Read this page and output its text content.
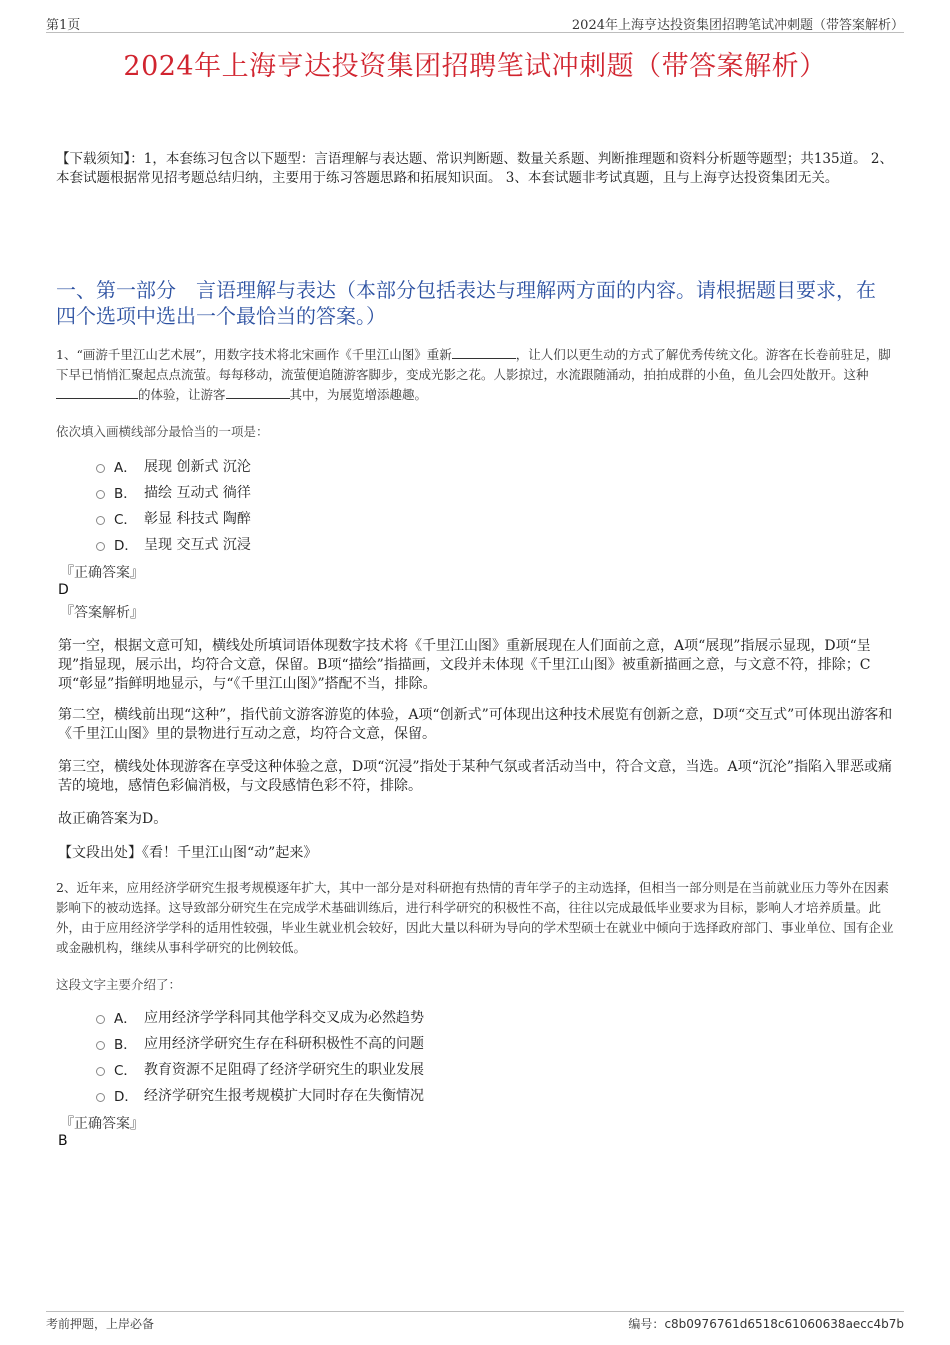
第1页	2024年上海亨达投资集团招聘笔试冲刺题（带答案解析）
2024年上海亨达投资集团招聘笔试冲刺题（带答案解析）
【下载须知】：1，本套练习包含以下题型：言语理解与表达题、常识判断题、数量关系题、判断推理题和资料分析题等题型；共135道。 2、本套试题根据常见招考题总结归纳，主要用于练习答题思路和拓展知识面。 3、本套试题非考试真题，且与上海亨达投资集团无关。
一、第一部分　言语理解与表达（本部分包括表达与理解两方面的内容。请根据题目要求，在四个选项中选出一个最恰当的答案。）
1、“画游千里江山艺术展”，用数字技术将北宋画作《千里江山图》重新	，让人们以更生动的方式了解优秀传统文化。游客在长卷前驻足，脚下早已悄悄汇聚起点点流萤。每每移动，流萤便追随游客脚步，变成光影之花。人影掠过，水流跟随涌动，拍拍成群的小鱼，鱼儿会四处散开。这种的体验，让游客	其中，为展览增添趣趣。
依次填入画横线部分最恰当的一项是：
A． 展现 创新式 沉沦
B． 描绘 互动式 徜徉
C． 彰显 科技式 陶醉
D． 呈现 交互式 沉浸
『正确答案』
D
『答案解析』
第一空，根据文意可知，横线处所填词语体现数字技术将《千里江山图》重新展现在人们面前之意，A项“展现”指展示显现，D项“呈现”指显现，展示出，均符合文意，保留。B项“描绘”指描画，文段并未体现《千里江山图》被重新描画之意，与文意不符，排除；C项“彰显”指鲜明地显示，与“《千里江山图》”搭配不当，排除。
第二空，横线前出现“这种”，指代前文游客游览的体验，A项“创新式”可体现出这种技术展览有创新之意，D项“交互式”可体现出游客和《千里江山图》里的景物进行互动之意，均符合文意，保留。
第三空，横线处体现游客在享受这种体验之意，D项“沉浸”指处于某种气氛或者活动当中，符合文意，当选。A项“沉沦”指陷入罪恶或痛苦的境地，感情色彩偏消极，与文段感情色彩不符，排除。
故正确答案为D。
【文段出处】《看！千里江山图“动”起来》
2、近年来，应用经济学研究生报考规模逐年扩大，其中一部分是对科研抱有热情的青年学子的主动选择，但相当一部分则是在当前就业压力等外在因素影响下的被动选择。这导致部分研究生在完成学术基础训练后，进行科学研究的积极性不高，往往以完成最低毕业要求为目标，影响人才培养质量。此外，由于应用经济学学科的适用性较强，毕业生就业机会较好，因此大量以科研为导向的学术型硕士在就业中倾向于选择政府部门、事业单位、国有企业或金融机构，继续从事科学研究的比例较低。
这段文字主要介绍了：
A． 应用经济学学科同其他学科交叉成为必然趋势
B． 应用经济学研究生存在科研积极性不高的问题
C． 教育资源不足阻碍了经济学研究生的职业发展
D． 经济学研究生报考规模扩大同时存在失衡情况
『正确答案』
B
考前押题，上岸必备	编号：c8b0976761d6518c61060638aecc4b7b
